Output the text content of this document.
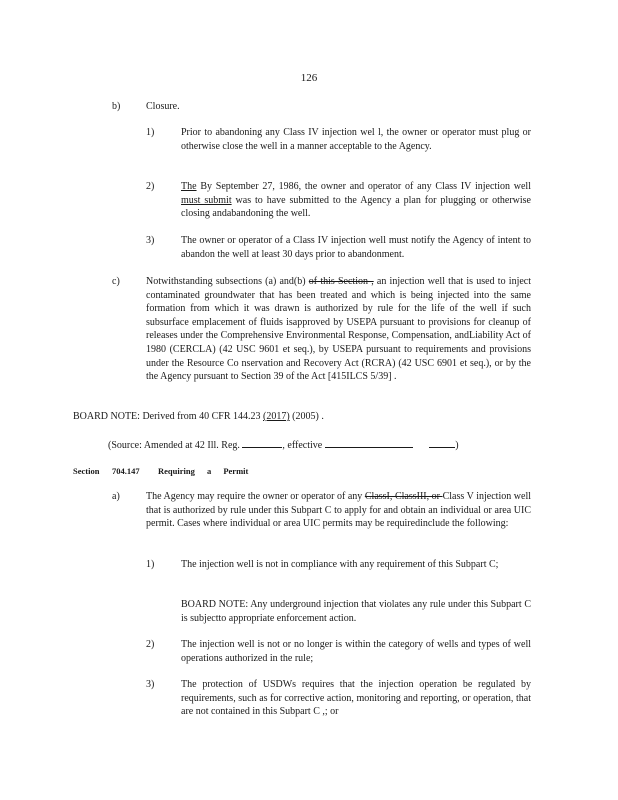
126
b)	Closure.
1)	Prior to abandoning any Class IV injection wel l, the owner or operator must plug or otherwise close the well in a manner acceptable to the Agency.
2)	The By September 27, 1986, the owner and operator of any Class IV injection well must submit was to have submitted to the Agency a plan for plugging or otherwise closing andabandoning the well.
3)	The owner or operator of a Class IV injection well must notify the Agency of intent to abandon the well at least 30 days prior to abandonment.
c)	Notwithstanding subsections (a) and(b) of this Section , an injection well that is used to inject contaminated groundwater that has been treated and which is being injected into the same formation from which it was drawn is authorized by rule for the life of the well if such subsurface emplacement of fluids isapproved by USEPA pursuant to provisions for cleanup of releases under the Comprehensive Environmental Response, Compensation, andLiability Act of 1980 (CERCLA) (42 USC 9601 et seq.), by USEPA pursuant to requirements and provisions under the Resource Co nservation and Recovery Act (RCRA) (42 USC 6901 et seq.), or by the the Agency pursuant to Section 39 of the Act [415ILCS 5/39] .
BOARD NOTE: Derived from 40 CFR 144.23 (2017) (2005) .
(Source: Amended at 42 Ill. Reg.	, effective	)
Section 704.147 Requiring a Permit
a)	The Agency may require the owner or operator of any ClassI, ClassIII, or Class V injection well that is authorized by rule under this Subpart C to apply for and obtain an individual or area UIC permit. Cases where individual or area UIC permits may be requiredinclude the following:
1)	The injection well is not in compliance with any requirement of this Subpart C;
BOARD NOTE: Any underground injection that violates any rule under this Subpart C is subjectto appropriate enforcement action.
2)	The injection well is not or no longer is within the category of wells and types of well operations authorized in the rule;
3)	The protection of USDWs requires that the injection operation be regulated by requirements, such as for corrective action, monitoring and reporting, or operation, that are not contained in this Subpart C ,; or
